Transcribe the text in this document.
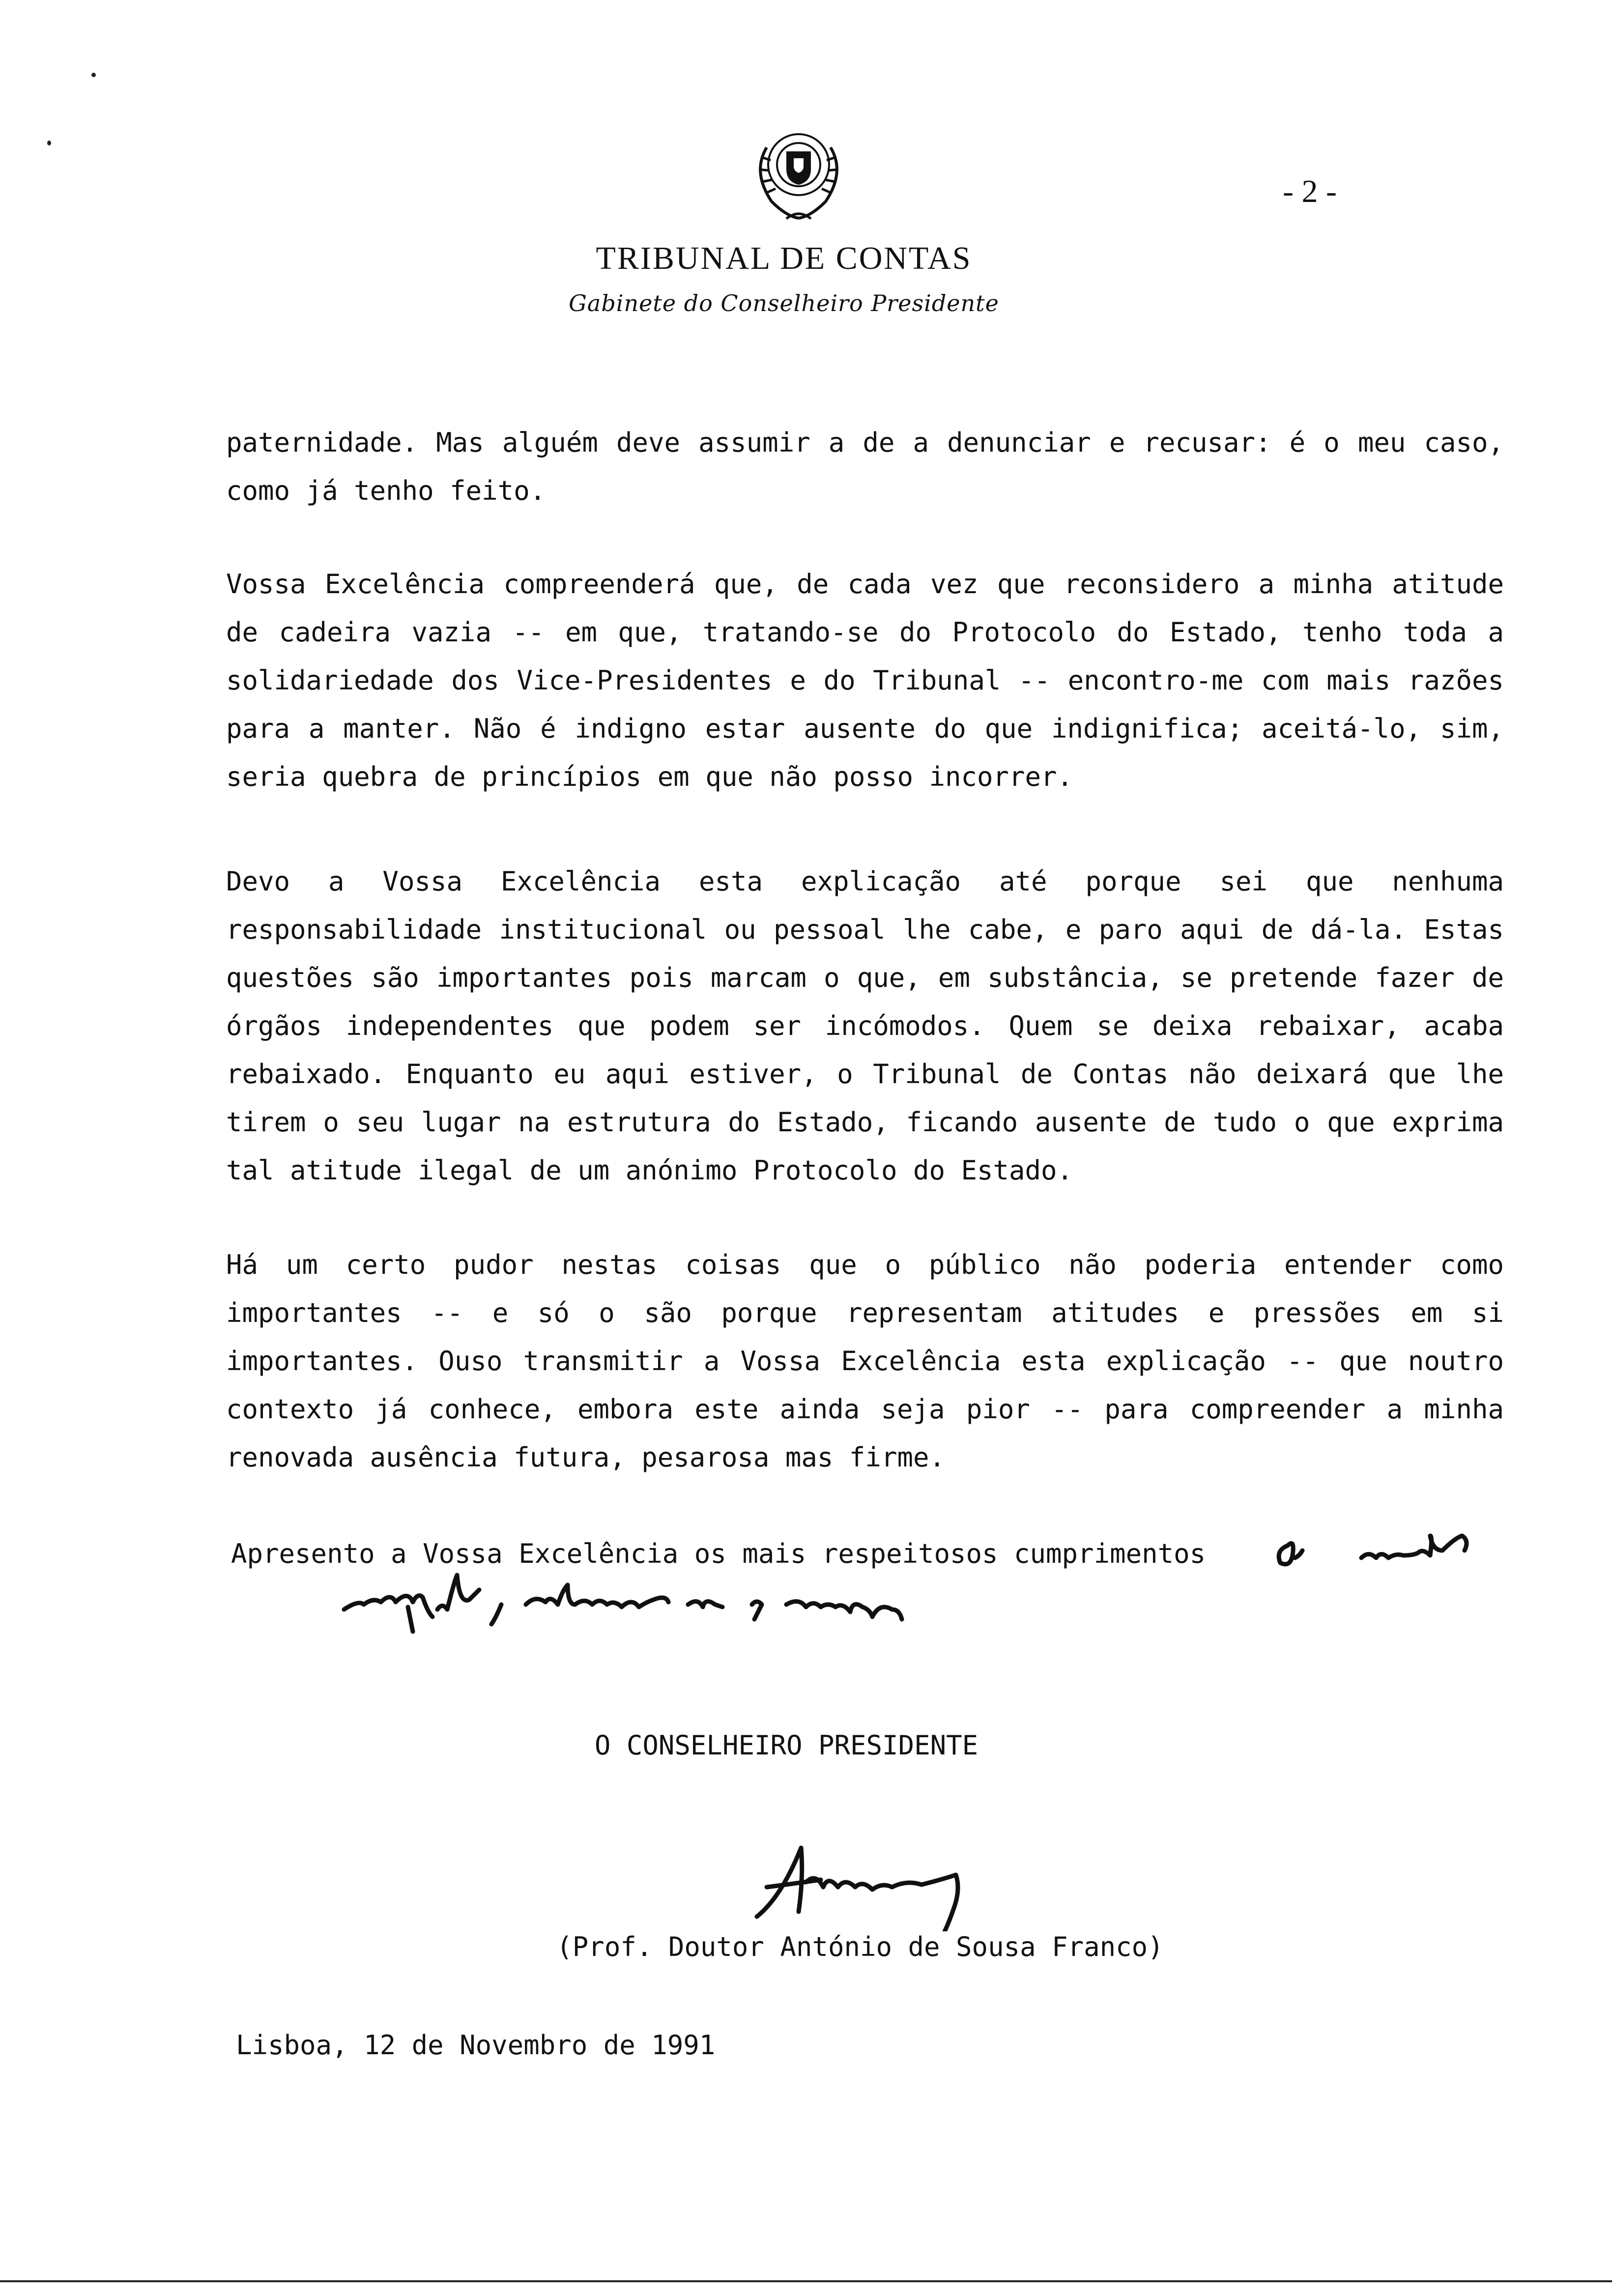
- 2 -
TRIBUNAL DE CONTAS
Gabinete do Conselheiro Presidente

paternidade. Mas alguém deve assumir a de a denunciar e recusar: é o meu caso, como já tenho feito.

Vossa Excelência compreenderá que, de cada vez que reconsidero a minha atitude de cadeira vazia -- em que, tratando-se do Protocolo do Estado, tenho toda a solidariedade dos Vice-Presidentes e do Tribunal -- encontro-me com mais razões para a manter. Não é indigno estar ausente do que indignifica; aceitá-lo, sim, seria quebra de princípios em que não posso incorrer.

Devo a Vossa Excelência esta explicação até porque sei que nenhuma responsabilidade institucional ou pessoal lhe cabe, e paro aqui de dá-la. Estas questões são importantes pois marcam o que, em substância, se pretende fazer de órgãos independentes que podem ser incómodos. Quem se deixa rebaixar, acaba rebaixado. Enquanto eu aqui estiver, o Tribunal de Contas não deixará que lhe tirem o seu lugar na estrutura do Estado, ficando ausente de tudo o que exprima tal atitude ilegal de um anónimo Protocolo do Estado.

Há um certo pudor nestas coisas que o público não poderia entender como importantes -- e só o são porque representam atitudes e pressões em si importantes. Ouso transmitir a Vossa Excelência esta explicação -- que noutro contexto já conhece, embora este ainda seja pior -- para compreender a minha renovada ausência futura, pesarosa mas firme.

Apresento a Vossa Excelência os mais respeitosos cumprimentos
O CONSELHEIRO PRESIDENTE
(Prof. Doutor António de Sousa Franco)
Lisboa, 12 de Novembro de 1991
